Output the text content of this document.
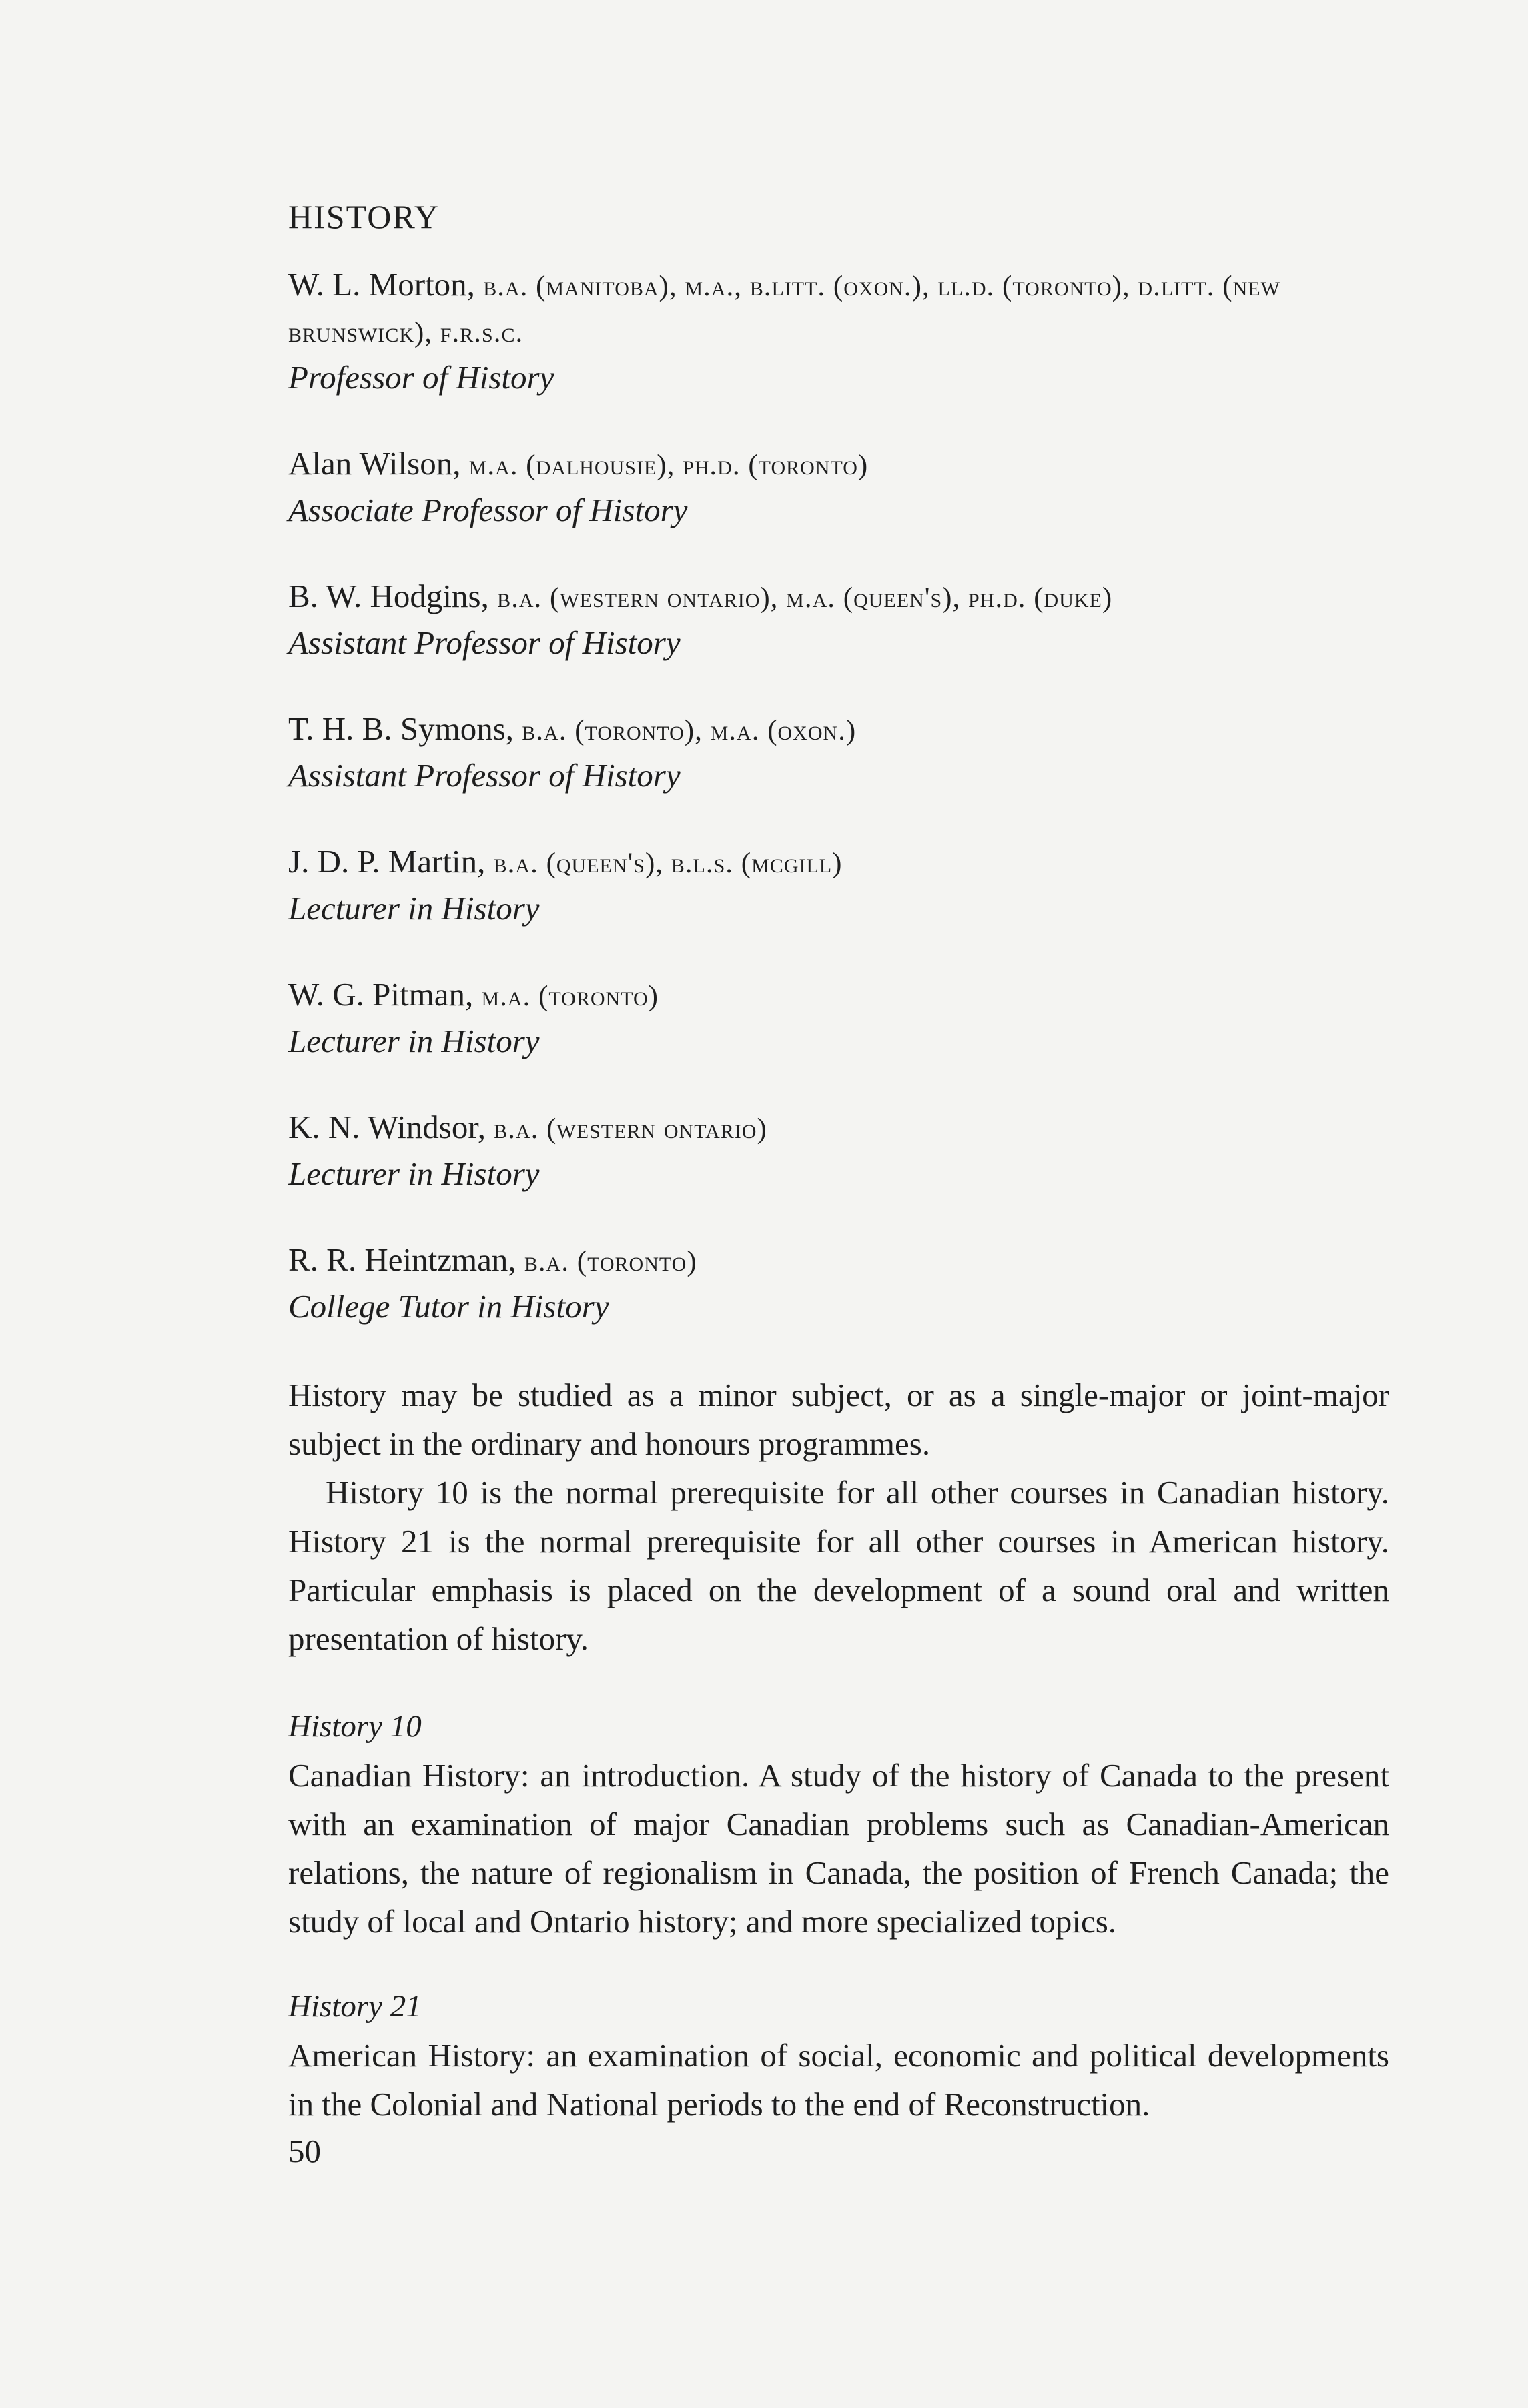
HISTORY
W. L. Morton, b.a. (manitoba), m.a., b.litt. (oxon.), ll.d. (toronto), d.litt. (new brunswick), f.r.s.c.
Professor of History
Alan Wilson, m.a. (dalhousie), ph.d. (toronto)
Associate Professor of History
B. W. Hodgins, b.a. (western ontario), m.a. (queen's), ph.d. (duke)
Assistant Professor of History
T. H. B. Symons, b.a. (toronto), m.a. (oxon.)
Assistant Professor of History
J. D. P. Martin, b.a. (queen's), b.l.s. (mcgill)
Lecturer in History
W. G. Pitman, m.a. (toronto)
Lecturer in History
K. N. Windsor, b.a. (western ontario)
Lecturer in History
R. R. Heintzman, b.a. (toronto)
College Tutor in History

History may be studied as a minor subject, or as a single-major or joint-major subject in the ordinary and honours programmes.

History 10 is the normal prerequisite for all other courses in Canadian history. History 21 is the normal prerequisite for all other courses in American history. Particular emphasis is placed on the development of a sound oral and written presentation of history.

History 10

Canadian History: an introduction. A study of the history of Canada to the present with an examination of major Canadian problems such as Canadian-American relations, the nature of regionalism in Canada, the position of French Canada; the study of local and Ontario history; and more specialized topics.

History 21

American History: an examination of social, economic and political developments in the Colonial and National periods to the end of Reconstruction.

50
